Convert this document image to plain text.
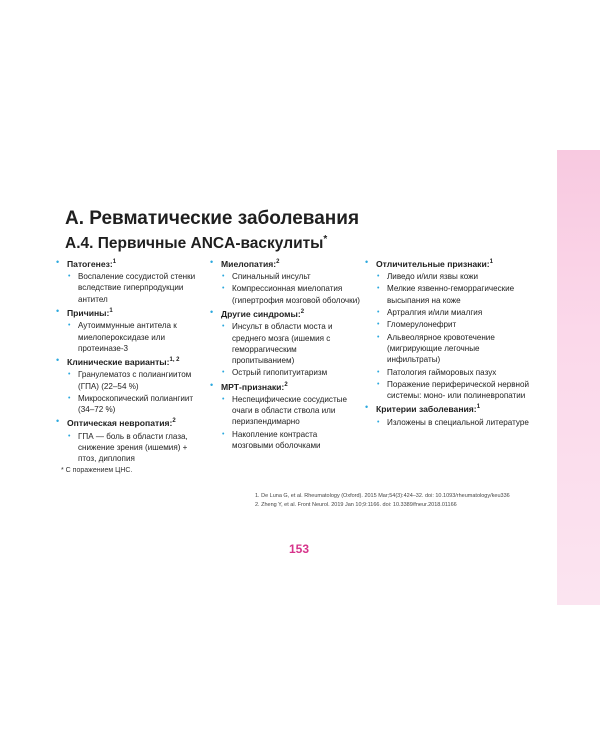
А. Ревматические заболевания
А.4. Первичные ANCA-васкулиты*
• Патогенез:$^1$
• Воспаление сосудистой стенки вследствие гиперпродукции антител
• Причины:$^1$
• Аутоиммунные антитела к миелопероксидазе или протеиназе-3
• Клинические варианты:$^{1, 2}$
• Гранулематоз с полиангиитом (ГПА) (22–54 %)
• Микроскопический полиангиит (34–72 %)
• Оптическая невропатия:$^2$
• ГПА — боль в области глаза, снижение зрения (ишемия) + птоз, диплопия
• Миелопатия:$^2$
• Спинальный инсульт
• Компрессионная миелопатия (гипертрофия мозговой оболочки)
• Другие синдромы:$^2$
• Инсульт в области моста и среднего мозга (ишемия с геморрагическим пропитыванием)
• Острый гипопитуитаризм
• МРТ-признаки:$^2$
• Неспецифические сосудистые очаги в области ствола или перизпендимарно
• Накопление контраста мозговыми оболочками
• Отличительные признаки:$^1$
• Ливедо и/или язвы кожи
• Мелкие язвенно-геморрагические высыпания на коже
• Артралгия и/или миалгия
• Гломерулонефрит
• Альвеолярное кровотечение (мигрирующие легочные инфильтраты)
• Патология гайморовых пазух
• Поражение периферической нервной системы: моно- или полиневропатии
• Критерии заболевания:$^1$
• Изложены в специальной литературе
* С поражением ЦНС.
1. De Luna G, et al. Rheumatology (Oxford). 2015 Mar;54(3):424–32. doi: 10.1093/rheumatology/keu336
2. Zheng Y, et al. Front Neurol. 2019 Jan 10;9:1166. doi: 10.3389/fneur.2018.01166
153
